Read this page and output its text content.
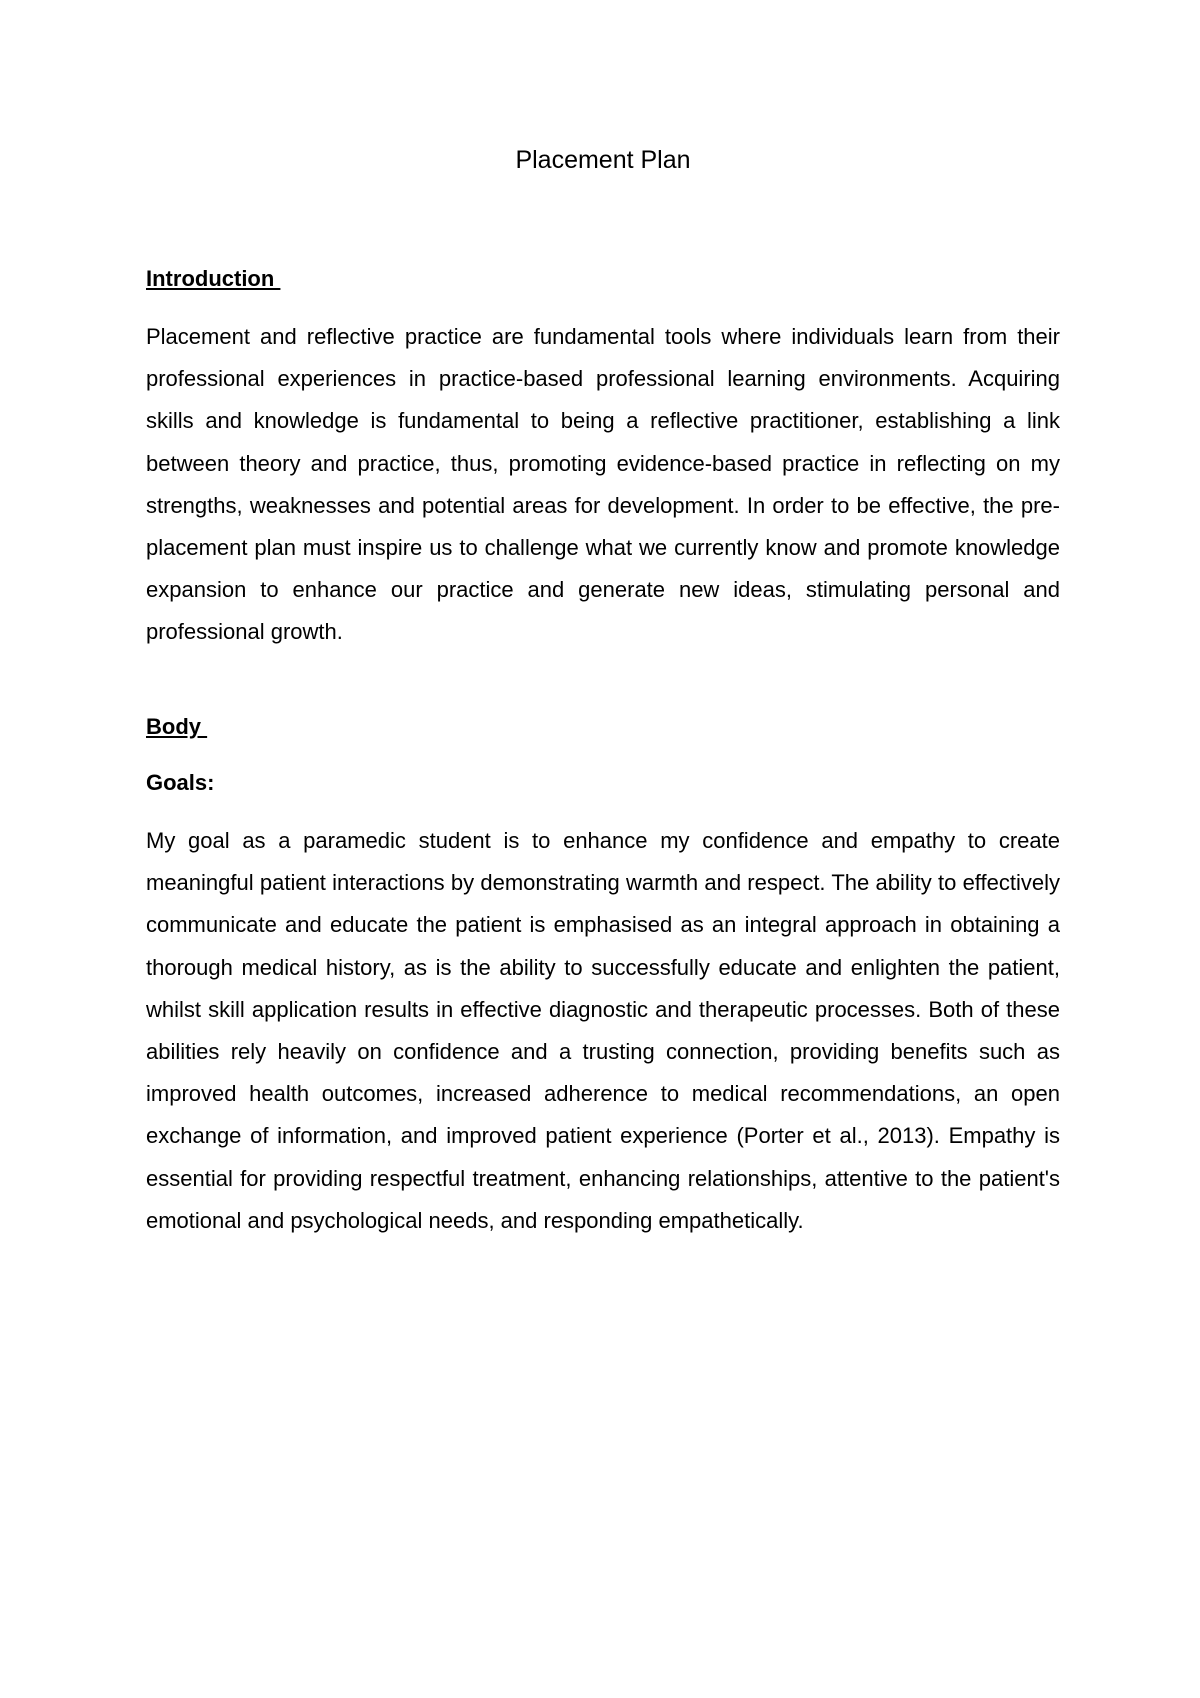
Placement Plan
Introduction

Placement and reflective practice are fundamental tools where individuals learn from their professional experiences in practice-based professional learning environments. Acquiring skills and knowledge is fundamental to being a reflective practitioner, establishing a link between theory and practice, thus, promoting evidence-based practice in reflecting on my strengths, weaknesses and potential areas for development. In order to be effective, the pre-placement plan must inspire us to challenge what we currently know and promote knowledge expansion to enhance our practice and generate new ideas, stimulating personal and professional growth.

Body
Goals:

My goal as a paramedic student is to enhance my confidence and empathy to create meaningful patient interactions by demonstrating warmth and respect. The ability to effectively communicate and educate the patient is emphasised as an integral approach in obtaining a thorough medical history, as is the ability to successfully educate and enlighten the patient, whilst skill application results in effective diagnostic and therapeutic processes. Both of these abilities rely heavily on confidence and a trusting connection, providing benefits such as improved health outcomes, increased adherence to medical recommendations, an open exchange of information, and improved patient experience (Porter et al., 2013). Empathy is essential for providing respectful treatment, enhancing relationships, attentive to the patient's emotional and psychological needs, and responding empathetically.
